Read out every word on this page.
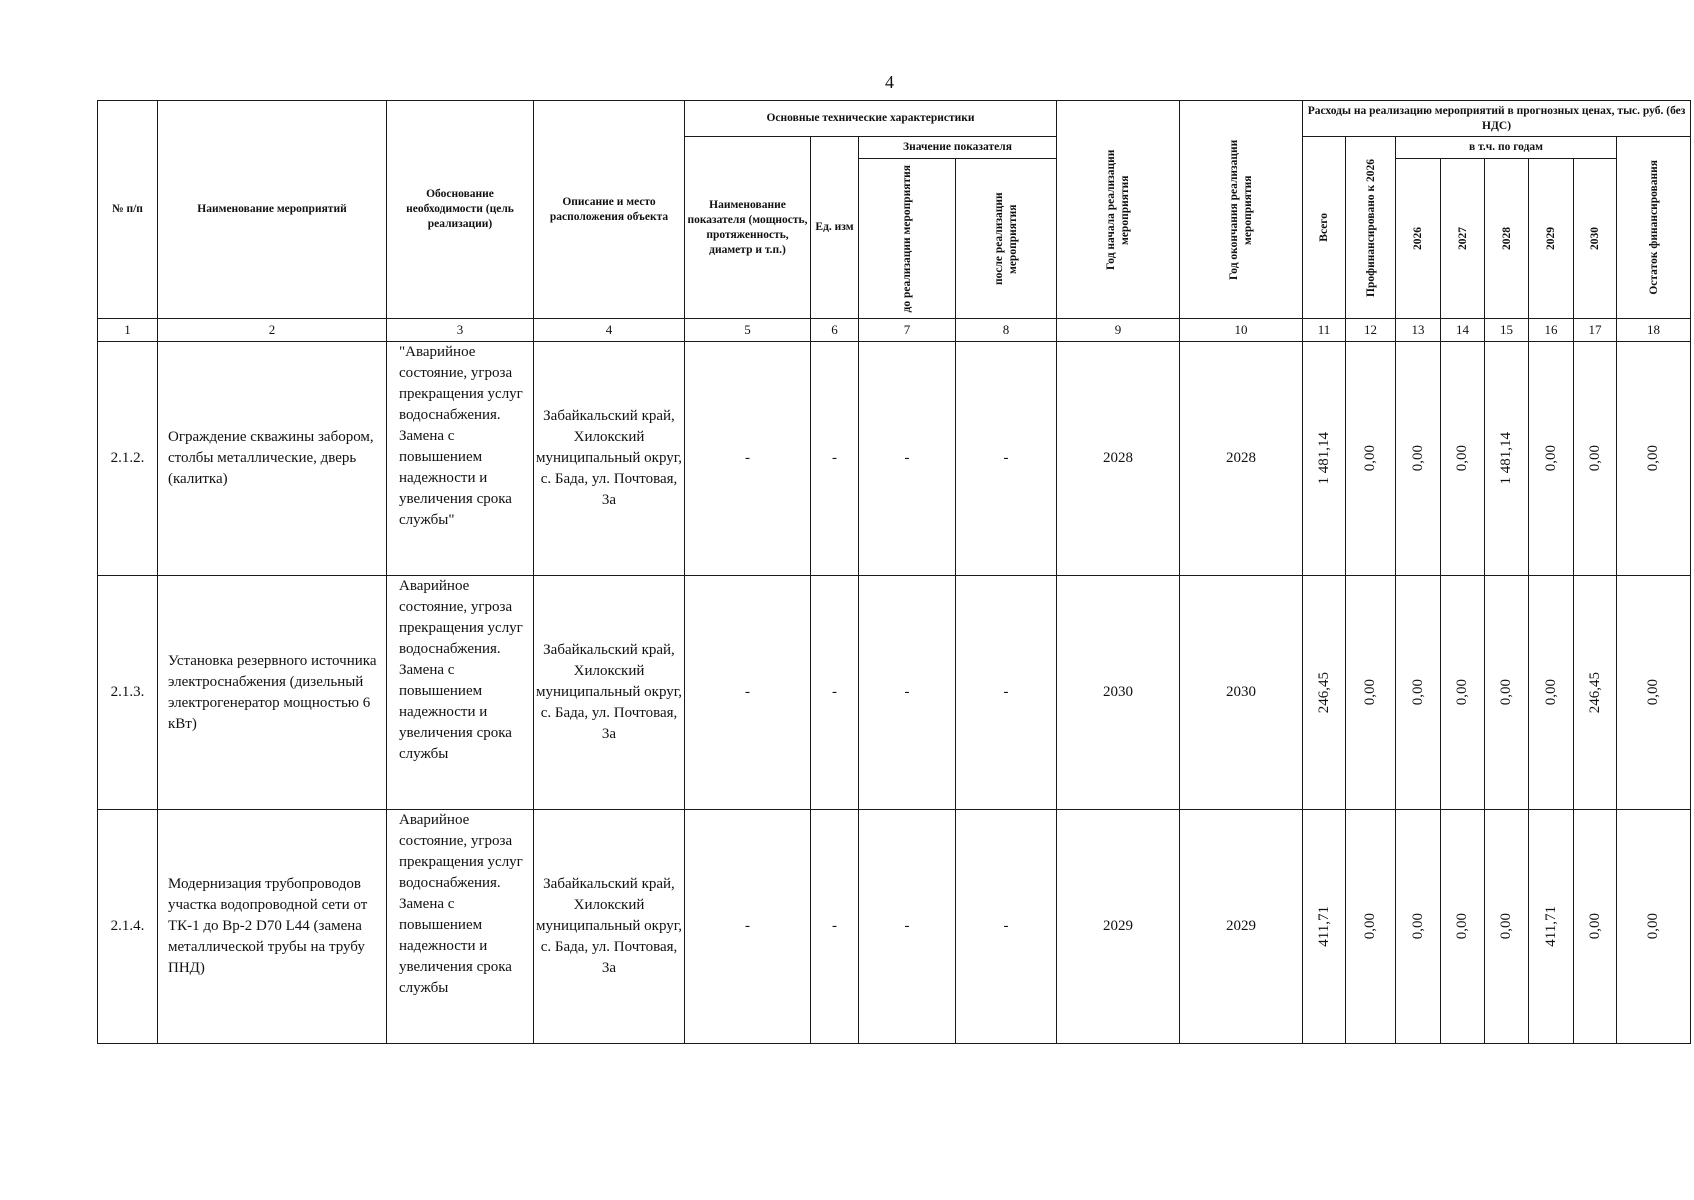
4
№ п/п	Наименование мероприятий	Обоснование необходимости (цель реализации)	Описание и место расположения объекта	Основные технические характеристики				Год начала реализации мероприятия	Год окончания реализации мероприятия	Расходы на реализацию мероприятий в прогнозных ценах, тыс. руб. (без НДС)							
				Наименование показателя (мощность, протяженность, диаметр и т.п.)	Ед. изм	Значение показателя				Всего	Профинансировано к 2026	в т.ч. по годам					Остаток финансирования

						до реализации мероприятия	после реализации мероприятия					2026	2027	2028	2029	2030	

1	2	3	4	5	6	7	8	9	10	11	12	13	14	15	16	17	18
2.1.2.	Ограждение скважины забором, столбы металлические, дверь (калитка)	"Аварийное состояние, угроза прекращения услуг водоснабжения. Замена с повышением надежности и увеличения срока службы"	Забайкальский край, Хилокский муниципальный округ, с. Бада, ул. Почтовая, 3а	-	-	-	-	2028	2028	1 481,14	0,00	0,00	0,00	1 481,14	0,00	0,00	0,00

2.1.3.	Установка резервного источника электроснабжения (дизельный электрогенератор мощностью 6 кВт)	Аварийное состояние, угроза прекращения услуг водоснабжения. Замена с повышением надежности и увеличения срока службы	Забайкальский край, Хилокский муниципальный округ, с. Бада, ул. Почтовая, 3а	-	-	-	-	2030	2030	246,45	0,00	0,00	0,00	0,00	0,00	246,45	0,00

2.1.4.	Модернизация трубопроводов участка водопроводной сети от ТК-1 до Вр-2 D70 L44 (замена металлической трубы на трубу ПНД)	Аварийное состояние, угроза прекращения услуг водоснабжения. Замена с повышением надежности и увеличения срока службы	Забайкальский край, Хилокский муниципальный округ, с. Бада, ул. Почтовая, 3а	-	-	-	-	2029	2029	411,71	0,00	0,00	0,00	0,00	411,71	0,00	0,00
